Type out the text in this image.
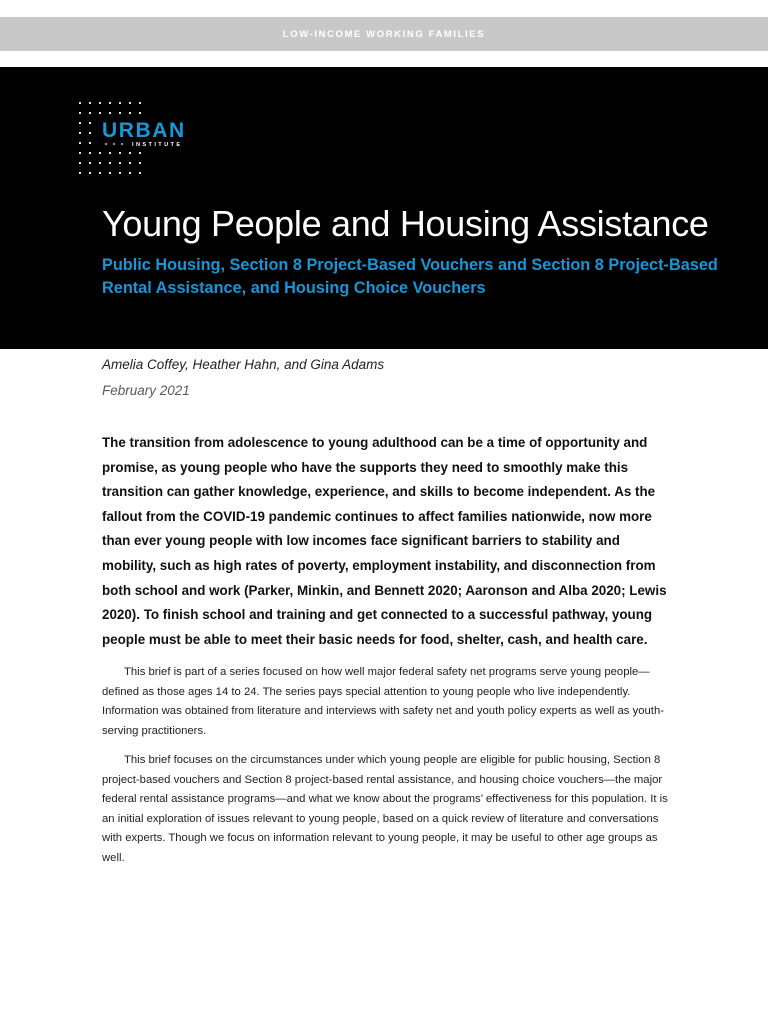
LOW-INCOME WORKING FAMILIES
URBAN
INSTITUTE
Young People and Housing Assistance

Public Housing, Section 8 Project-Based Vouchers and Section 8 Project-Based Rental Assistance, and Housing Choice Vouchers

Amelia Coffey, Heather Hahn, and Gina Adams

February 2021

The transition from adolescence to young adulthood can be a time of opportunity and promise, as young people who have the supports they need to smoothly make this transition can gather knowledge, experience, and skills to become independent. As the fallout from the COVID-19 pandemic continues to affect families nationwide, now more than ever young people with low incomes face significant barriers to stability and mobility, such as high rates of poverty, employment instability, and disconnection from both school and work (Parker, Minkin, and Bennett 2020; Aaronson and Alba 2020; Lewis 2020). To finish school and training and get connected to a successful pathway, young people must be able to meet their basic needs for food, shelter, cash, and health care.

This brief is part of a series focused on how well major federal safety net programs serve young people—defined as those ages 14 to 24. The series pays special attention to young people who live independently. Information was obtained from literature and interviews with safety net and youth policy experts as well as youth-serving practitioners.

This brief focuses on the circumstances under which young people are eligible for public housing, Section 8 project-based vouchers and Section 8 project-based rental assistance, and housing choice vouchers—the major federal rental assistance programs—and what we know about the programs’ effectiveness for this population. It is an initial exploration of issues relevant to young people, based on a quick review of literature and conversations with experts. Though we focus on information relevant to young people, it may be useful to other age groups as well.
